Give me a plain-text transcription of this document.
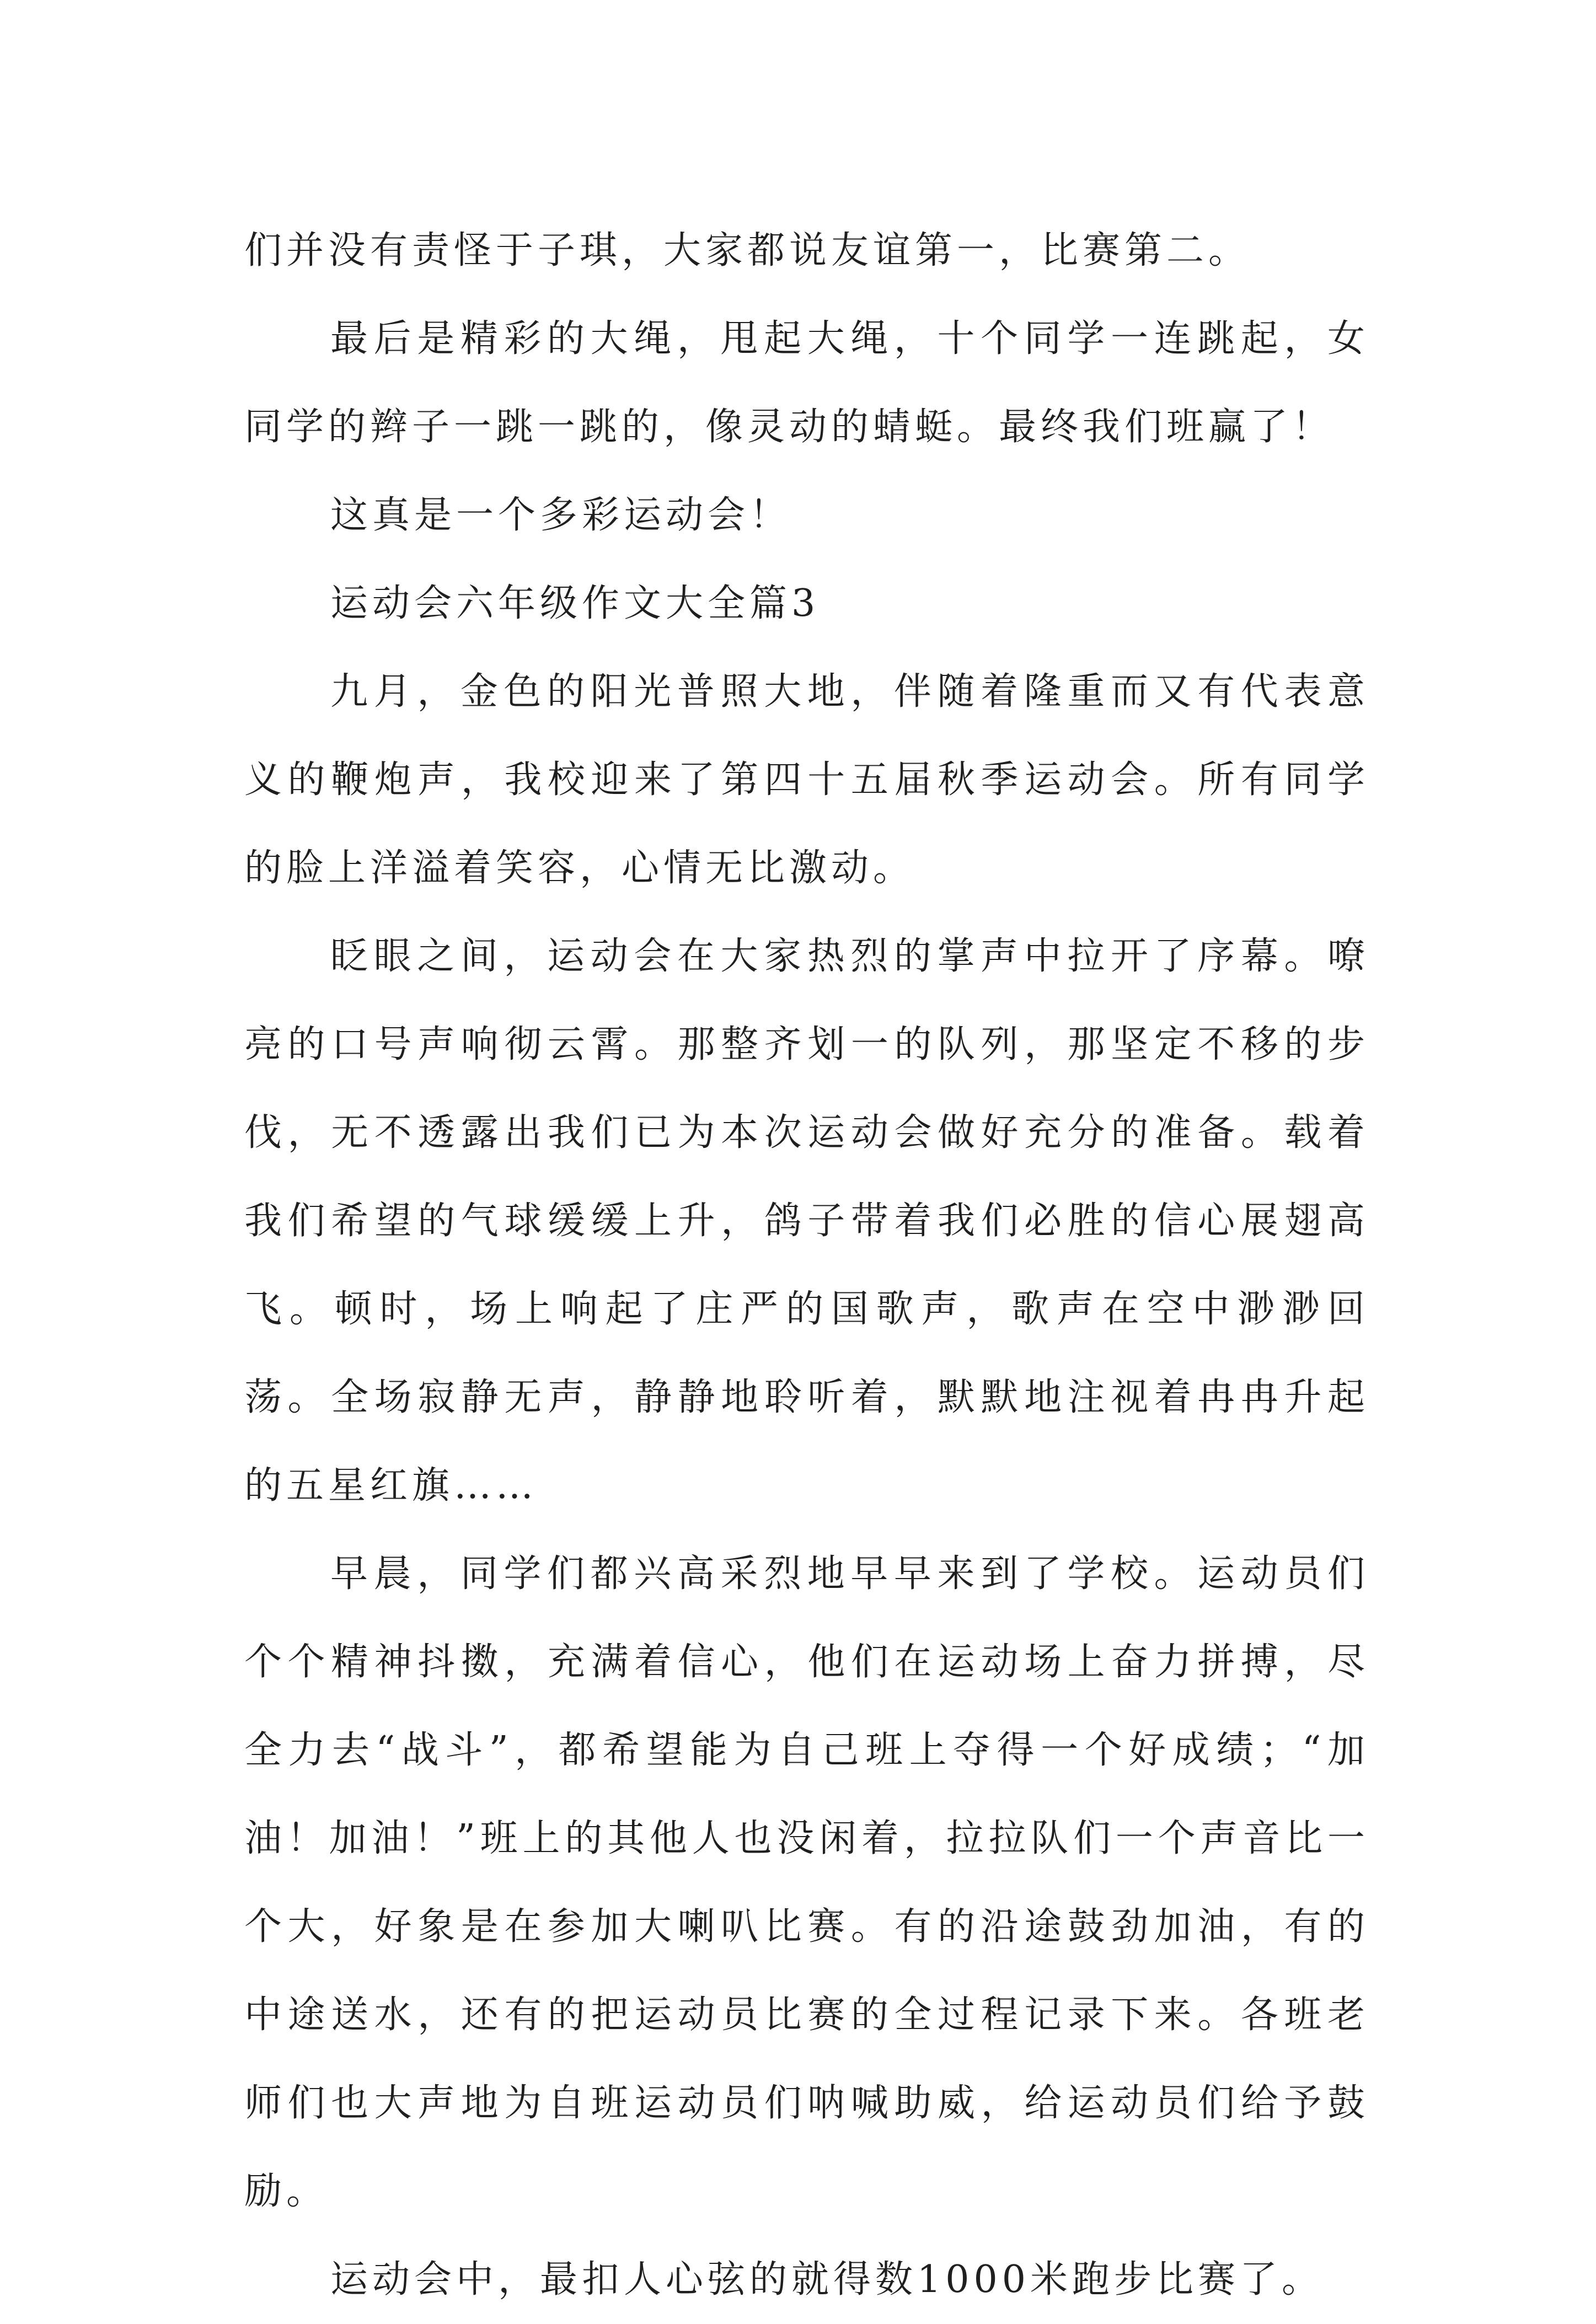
们并没有责怪于子琪，大家都说友谊第一，比赛第二。

最后是精彩的大绳，甩起大绳，十个同学一连跳起，女同学的辫子一跳一跳的，像灵动的蜻蜓。最终我们班赢了！

这真是一个多彩运动会！

运动会六年级作文大全篇3

九月，金色的阳光普照大地，伴随着隆重而又有代表意义的鞭炮声，我校迎来了第四十五届秋季运动会。所有同学的脸上洋溢着笑容，心情无比激动。

眨眼之间，运动会在大家热烈的掌声中拉开了序幕。嘹亮的口号声响彻云霄。那整齐划一的队列，那坚定不移的步伐，无不透露出我们已为本次运动会做好充分的准备。载着我们希望的气球缓缓上升，鸽子带着我们必胜的信心展翅高飞。顿时，场上响起了庄严的国歌声，歌声在空中渺渺回荡。全场寂静无声，静静地聆听着，默默地注视着冉冉升起的五星红旗……

早晨，同学们都兴高采烈地早早来到了学校。运动员们个个精神抖擞，充满着信心，他们在运动场上奋力拼搏，尽全力去“战斗”，都希望能为自己班上夺得一个好成绩；“加油！加油！”班上的其他人也没闲着，拉拉队们一个声音比一个大，好象是在参加大喇叭比赛。有的沿途鼓劲加油，有的中途送水，还有的把运动员比赛的全过程记录下来。各班老师们也大声地为自班运动员们呐喊助威，给运动员们给予鼓励。

运动会中，最扣人心弦的就得数1000米跑步比赛了。
